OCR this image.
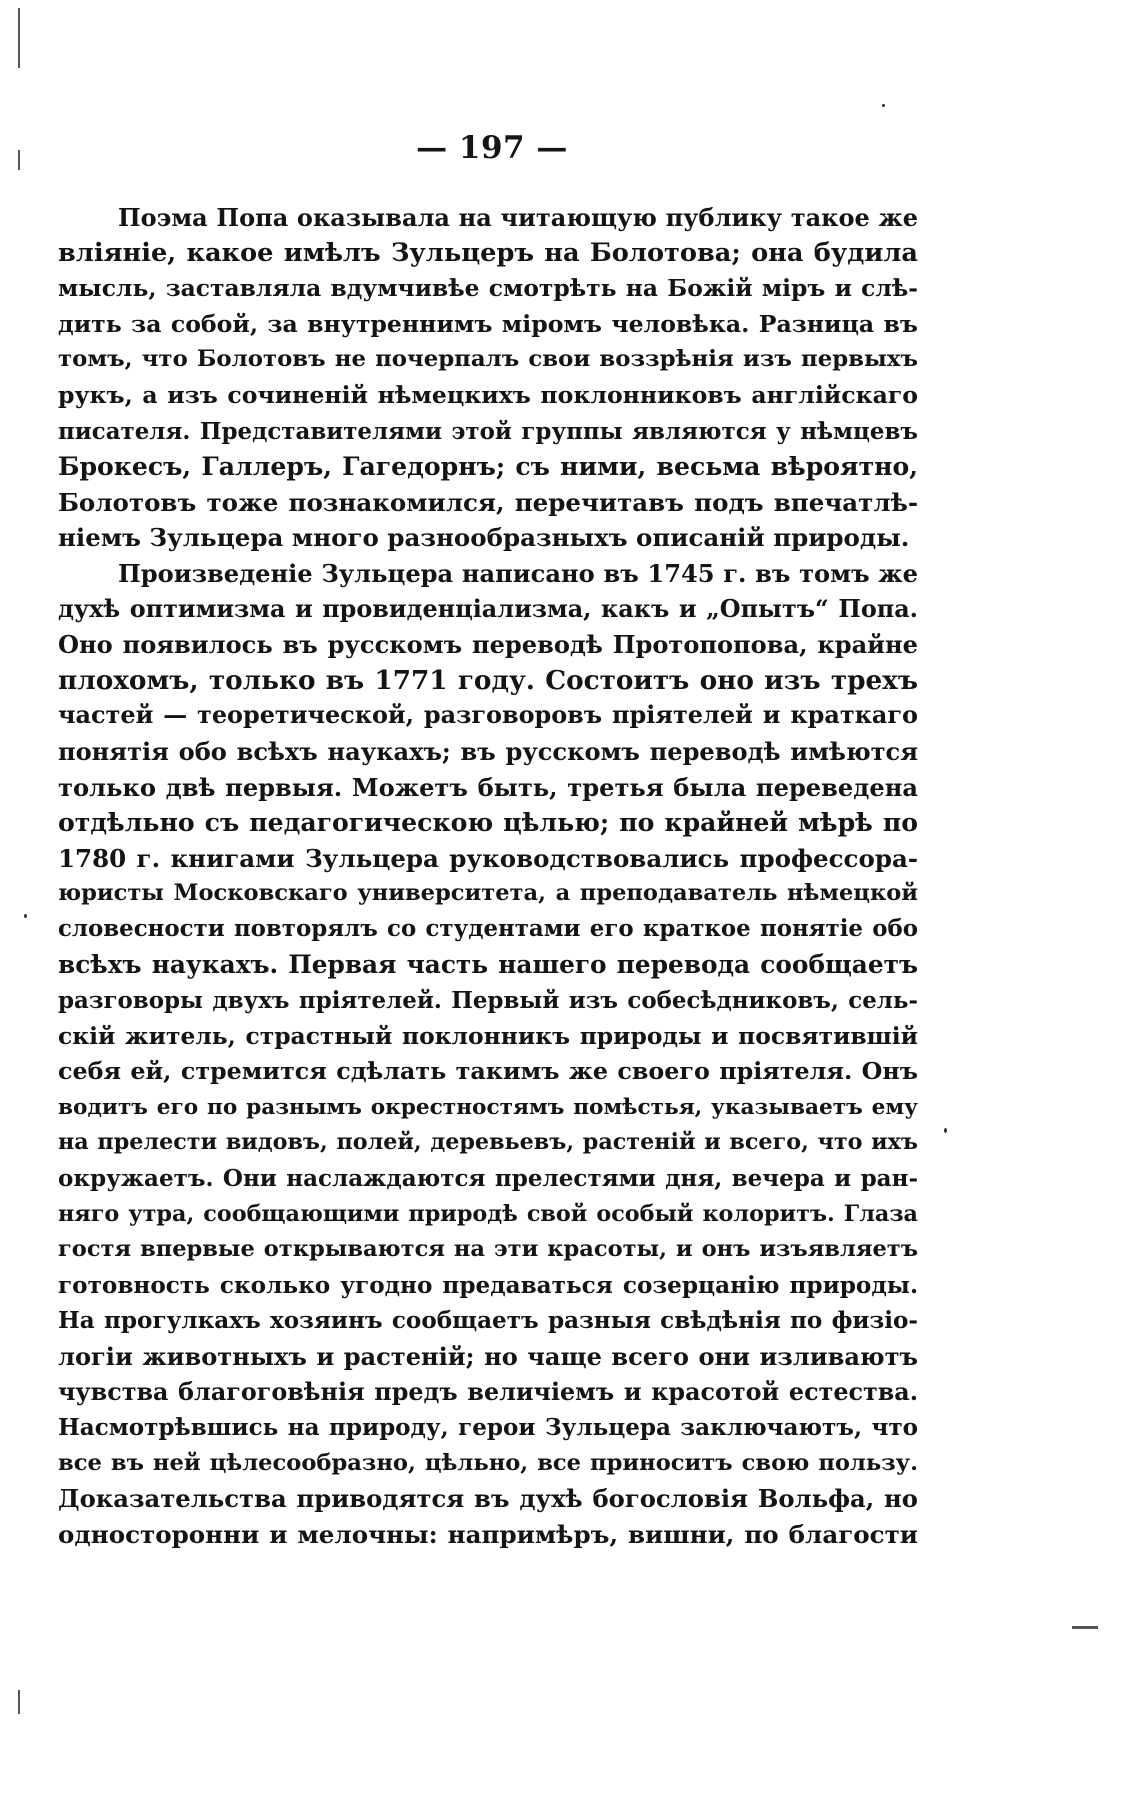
— 197 —
Поэма Попа оказывала на читающую публику такое же
вліяніе, какое имѣлъ Зульцеръ на Болотова; она будила
мысль, заставляла вдумчивѣе смотрѣть на Божій міръ и слѣ-
дить за собой, за внутреннимъ міромъ человѣка. Разница въ
томъ, что Болотовъ не почерпалъ свои воззрѣнія изъ первыхъ
рукъ, а изъ сочиненій нѣмецкихъ поклонниковъ англійскаго
писателя. Представителями этой группы являются у нѣмцевъ
Брокесъ, Галлеръ, Гагедорнъ; съ ними, весьма вѣроятно,
Болотовъ тоже познакомился, перечитавъ подъ впечатлѣ-
ніемъ Зульцера много разнообразныхъ описаній природы.
Произведеніе Зульцера написано въ 1745 г. въ томъ же
духѣ оптимизма и провиденціализма, какъ и „Опытъ“ Попа.
Оно появилось въ русскомъ переводѣ Протопопова, крайне
плохомъ, только въ 1771 году. Состоитъ оно изъ трехъ
частей — теоретической, разговоровъ пріятелей и краткаго
понятія обо всѣхъ наукахъ; въ русскомъ переводѣ имѣются
только двѣ первыя. Можетъ быть, третья была переведена
отдѣльно съ педагогическою цѣлью; по крайней мѣрѣ по
1780 г. книгами Зульцера руководствовались профессора-
юристы Московскаго университета, а преподаватель нѣмецкой
словесности повторялъ со студентами его краткое понятіе обо
всѣхъ наукахъ. Первая часть нашего перевода сообщаетъ
разговоры двухъ пріятелей. Первый изъ собесѣдниковъ, сель-
скій житель, страстный поклонникъ природы и посвятившій
себя ей, стремится сдѣлать такимъ же своего пріятеля. Онъ
водитъ его по разнымъ окрестностямъ помѣстья, указываетъ ему
на прелести видовъ, полей, деревьевъ, растеній и всего, что ихъ
окружаетъ. Они наслаждаются прелестями дня, вечера и ран-
няго утра, сообщающими природѣ свой особый колоритъ. Глаза
гостя впервые открываются на эти красоты, и онъ изъявляетъ
готовность сколько угодно предаваться созерцанію природы.
На прогулкахъ хозяинъ сообщаетъ разныя свѣдѣнія по физіо-
логіи животныхъ и растеній; но чаще всего они изливаютъ
чувства благоговѣнія предъ величіемъ и красотой естества.
Насмотрѣвшись на природу, герои Зульцера заключаютъ, что
все въ ней цѣлесообразно, цѣльно, все приноситъ свою пользу.
Доказательства приводятся въ духѣ богословія Вольфа, но
односторонни и мелочны: напримѣръ, вишни, по благости
